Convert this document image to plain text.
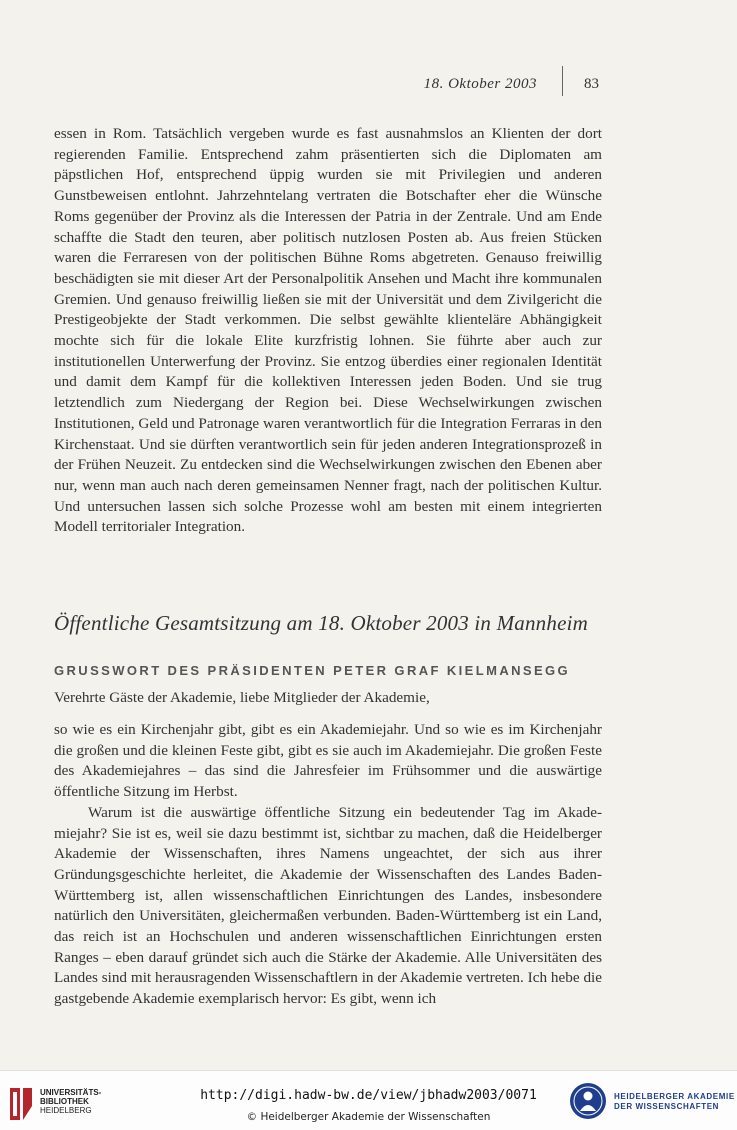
18. Oktober 2003	83

essen in Rom. Tatsächlich vergeben wurde es fast ausnahmslos an Klienten der dort regierenden Familie. Entsprechend zahm präsentierten sich die Diplomaten am päpstlichen Hof, entsprechend üppig wurden sie mit Privilegien und anderen Gunstbeweisen entlohnt. Jahrzehntelang vertraten die Botschafter eher die Wünsche Roms gegenüber der Provinz als die Interessen der Patria in der Zentrale. Und am Ende schaffte die Stadt den teuren, aber politisch nutzlosen Posten ab. Aus freien Stücken waren die Ferraresen von der politischen Bühne Roms abgetreten. Genauso freiwillig beschädigten sie mit dieser Art der Personalpolitik Ansehen und Macht ihre kommunalen Gremien. Und genauso freiwillig ließen sie mit der Universität und dem Zivilgericht die Prestigeobjekte der Stadt verkommen. Die selbst gewählte klienteläre Abhängigkeit mochte sich für die lokale Elite kurzfristig lohnen. Sie führte aber auch zur institutionellen Unterwerfung der Provinz. Sie entzog überdies einer regionalen Identität und damit dem Kampf für die kollektiven Interessen jeden Boden. Und sie trug letztendlich zum Niedergang der Region bei. Diese Wechselwirkungen zwischen Institutionen, Geld und Patronage waren verantwortlich für die Integration Ferraras in den Kirchenstaat. Und sie dürften verantwortlich sein für jeden anderen Integrationsprozeß in der Frühen Neuzeit. Zu entdecken sind die Wechselwirkungen zwischen den Ebenen aber nur, wenn man auch nach deren gemeinsamen Nenner fragt, nach der politischen Kultur. Und untersuchen lassen sich solche Prozesse wohl am besten mit einem integrierten Modell territorialer Integration.

Öffentliche Gesamtsitzung am 18. Oktober 2003 in Mannheim
GRUSSWORT DES PRÄSIDENTEN PETER GRAF KIELMANSEGG
Verehrte Gäste der Akademie, liebe Mitglieder der Akademie,

so wie es ein Kirchenjahr gibt, gibt es ein Akademiejahr. Und so wie es im Kirchenjahr die großen und die kleinen Feste gibt, gibt es sie auch im Akademiejahr. Die großen Feste des Akademiejahres – das sind die Jahresfeier im Frühsommer und die auswärtige öffentliche Sitzung im Herbst.

Warum ist die auswärtige öffentliche Sitzung ein bedeutender Tag im Akademiejahr? Sie ist es, weil sie dazu bestimmt ist, sichtbar zu machen, daß die Heidelberger Akademie der Wissenschaften, ihres Namens ungeachtet, der sich aus ihrer Gründungsgeschichte herleitet, die Akademie der Wissenschaften des Landes Baden-Württemberg ist, allen wissenschaftlichen Einrichtungen des Landes, insbesondere natürlich den Universitäten, gleichermaßen verbunden. Baden-Württemberg ist ein Land, das reich ist an Hochschulen und anderen wissenschaftlichen Einrichtungen ersten Ranges – eben darauf gründet sich auch die Stärke der Akademie. Alle Universitäten des Landes sind mit herausragenden Wissenschaftlern in der Akademie vertreten. Ich hebe die gastgebende Akademie exemplarisch hervor: Es gibt, wenn ich

UNIVERSITÄTS-
BIBLIOTHEK
HEIDELBERG
http://digi.hadw-bw.de/view/jbhadw2003/0071
© Heidelberger Akademie der Wissenschaften
HEIDELBERGER AKADEMIE
DER WISSENSCHAFTEN
